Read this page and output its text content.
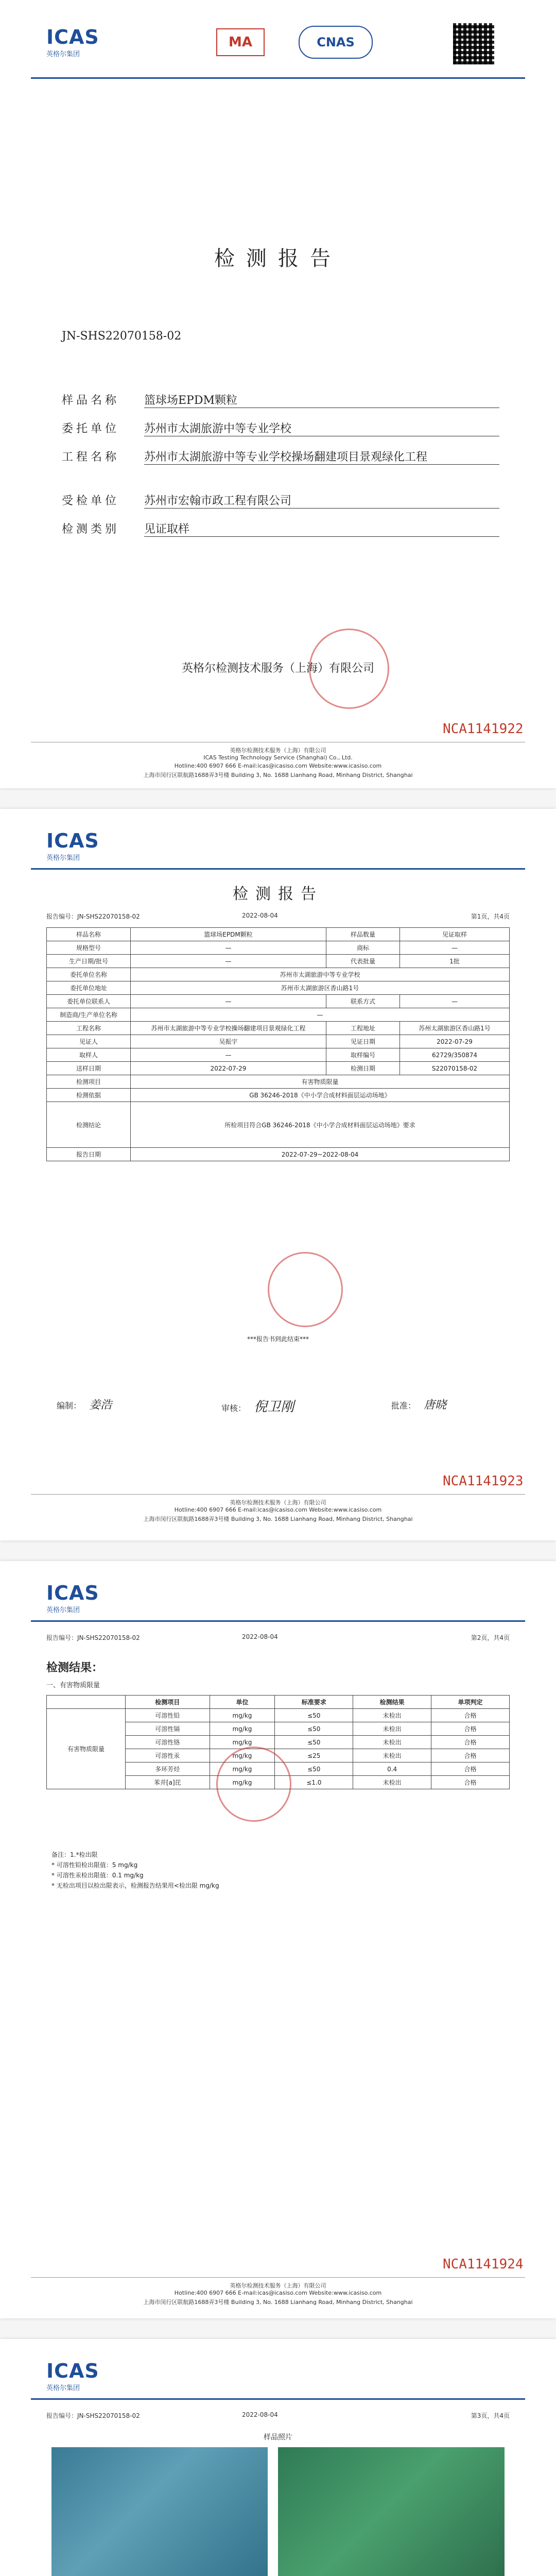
ICAS
英格尔集团
MA	CNAS
检测报告
JN-SHS22070158-02
样品名称 篮球场EPDM颗粒
委托单位 苏州市太湖旅游中等专业学校
工程名称 苏州市太湖旅游中等专业学校操场翻建项目景观绿化工程
受检单位 苏州市宏翰市政工程有限公司
检测类别 见证取样
英格尔检测技术服务（上海）有限公司
英格尔检测技术服务（上海）有限公司
ICAS Testing Technology Service (Shanghai) Co., Ltd.
Hotline:400 6907 666 E-mail:icas@icasiso.com Website:www.icasiso.com
上海市闵行区联航路1688弄3号楼 Building 3, No. 1688 Lianhang Road, Minhang District, Shanghai
NCA1141922
ICAS
英格尔集团
检测报告
报告编号：JN-SHS22070158-02	2022-08-04	第1页，共4页
样品名称	篮球场EPDM颗粒	样品数量	见证取样
规格型号	—	商标	—
生产日期/批号	—	代表批量	1批
委托单位名称	苏州市太湖旅游中等专业学校		
委托单位地址	苏州市太湖旅游区香山路1号		
委托单位联系人	—	联系方式	—
制造商/生产单位名称	—		
工程名称	苏州市太湖旅游中等专业学校操场翻建项目景观绿化工程	工程地址	苏州太湖旅游区香山路1号
见证人	吴振宇	见证日期	2022-07-29
取样人	—	取样编号	62729/350874
送样日期	2022-07-29	检测日期	S22070158-02
检测项目	有害物质限量		
检测依据	GB 36246-2018《中小学合成材料面层运动场地》		
检测结论	所检项目符合GB 36246-2018《中小学合成材料面层运动场地》要求		
报告日期	2022-07-29~2022-08-04		
***报告书到此结束***
编制： 姜浩	审核： 倪卫刚	批准： 唐晓
英格尔检测技术服务（上海）有限公司
Hotline:400 6907 666 E-mail:icas@icasiso.com Website:www.icasiso.com
上海市闵行区联航路1688弄3号楼 Building 3, No. 1688 Lianhang Road, Minhang District, Shanghai
NCA1141923
ICAS
英格尔集团
报告编号：JN-SHS22070158-02	2022-08-04	第2页，共4页
检测结果：
一、有害物质限量
	检测项目	单位	标准要求	检测结果	单项判定
有害物质限量	可溶性铅	mg/kg	≤50	未检出	合格
	可溶性镉	mg/kg	≤50	未检出	合格
	可溶性铬	mg/kg	≤50	未检出	合格
	可溶性汞	mg/kg	≤25	未检出	合格
	多环芳烃	mg/kg	≤50	0.4	合格
	苯并[a]芘	mg/kg	≤1.0	未检出	合格
备注：1.*检出限
* 可溶性铅检出限值：5 mg/kg
* 可溶性汞检出限值：0.1 mg/kg
* 无检出项目以检出限表示，检测报告结果用<检出限 mg/kg
英格尔检测技术服务（上海）有限公司
Hotline:400 6907 666 E-mail:icas@icasiso.com Website:www.icasiso.com
上海市闵行区联航路1688弄3号楼 Building 3, No. 1688 Lianhang Road, Minhang District, Shanghai
NCA1141924
ICAS
英格尔集团
报告编号：JN-SHS22070158-02	2022-08-04	第3页，共4页
样品照片
